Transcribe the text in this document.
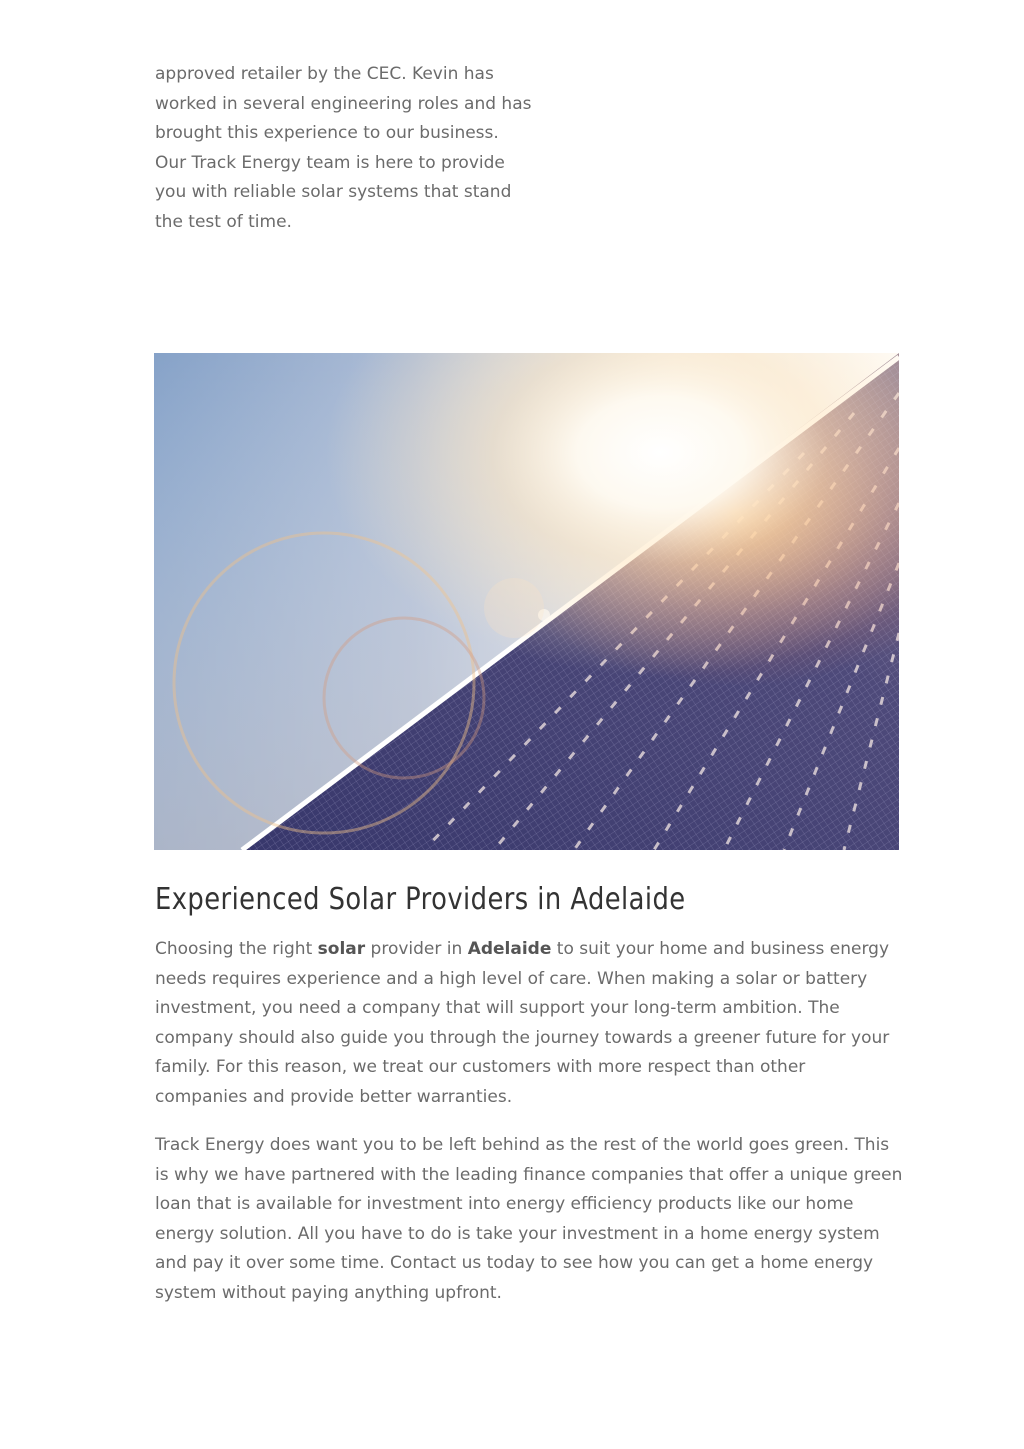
approved retailer by the CEC. Kevin has worked in several engineering roles and has brought this experience to our business. Our Track Energy team is here to provide you with reliable solar systems that stand the test of time.

Experienced Solar Providers in Adelaide

Choosing the right solar provider in Adelaide to suit your home and business energy needs requires experience and a high level of care. When making a solar or battery investment, you need a company that will support your long-term ambition. The company should also guide you through the journey towards a greener future for your family. For this reason, we treat our customers with more respect than other companies and provide better warranties.

Track Energy does want you to be left behind as the rest of the world goes green. This is why we have partnered with the leading finance companies that offer a unique green loan that is available for investment into energy efficiency products like our home energy solution. All you have to do is take your investment in a home energy system and pay it over some time. Contact us today to see how you can get a home energy system without paying anything upfront.
